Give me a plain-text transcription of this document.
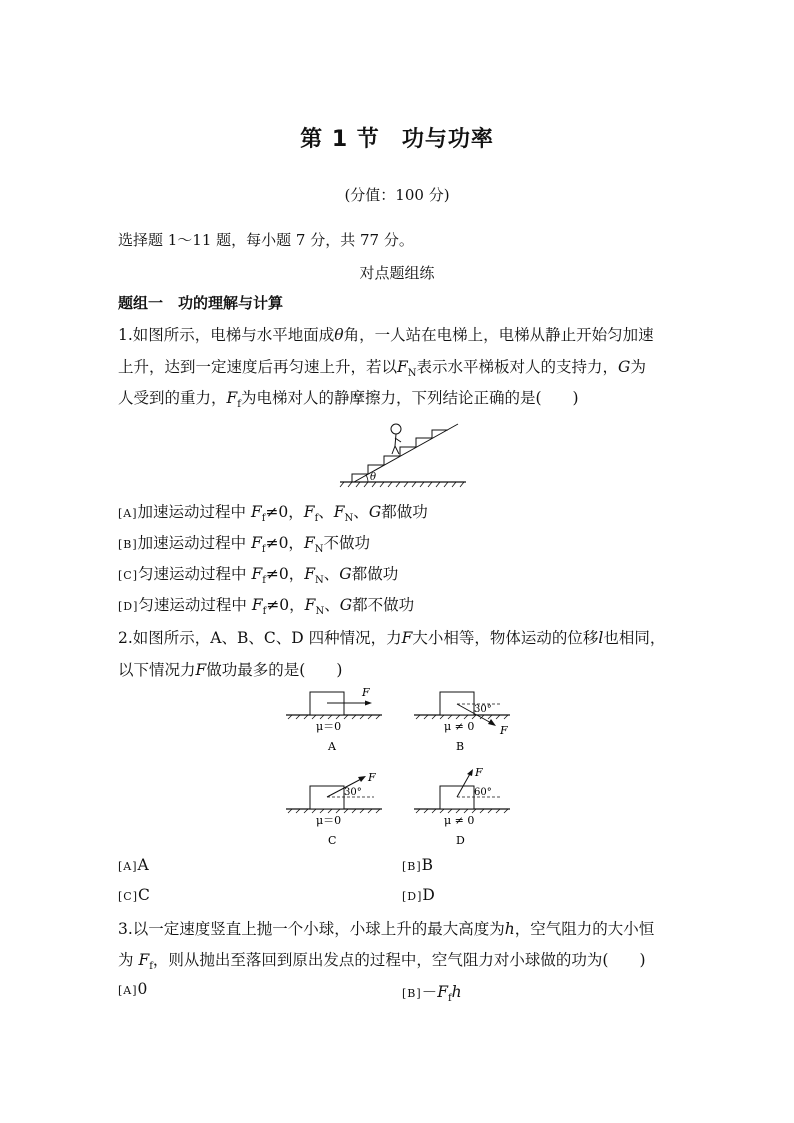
第 1 节 功与功率
(分值：100 分)
选择题 1～11 题，每小题 7 分，共 77 分。
对点题组练
题组一　功的理解与计算
1.如图所示，电梯与水平地面成θ角，一人站在电梯上，电梯从静止开始匀加速
上升，达到一定速度后再匀速上升，若以$F_N$表示水平梯板对人的支持力，G为
人受到的重力，$F_f$为电梯对人的静摩擦力，下列结论正确的是(　　)
θ
[A]加速运动过程中 $F_f\ne 0$，$F_f$、$F_N$、G都做功
[B]加速运动过程中 $F_f\ne 0$，$F_N$不做功
[C]匀速运动过程中 $F_f\ne 0$，$F_N$、G都做功
[D]匀速运动过程中 $F_f\ne 0$，$F_N$、G都不做功
2.如图所示，A、B、C、D 四种情况，力F大小相等，物体运动的位移l也相同，
以下情况力F做功最多的是(　　)
F
μ＝0
A
30°
F
μ ≠ 0
B
30°
F
μ＝0
C
60°
F
μ ≠ 0
D
[A]A	[B]B
[C]C	[D]D
3.以一定速度竖直上抛一个小球，小球上升的最大高度为h，空气阻力的大小恒
为 $F_f$，则从抛出至落回到原出发点的过程中，空气阻力对小球做的功为(　　)
[A]0	$[B]-F_fh$
